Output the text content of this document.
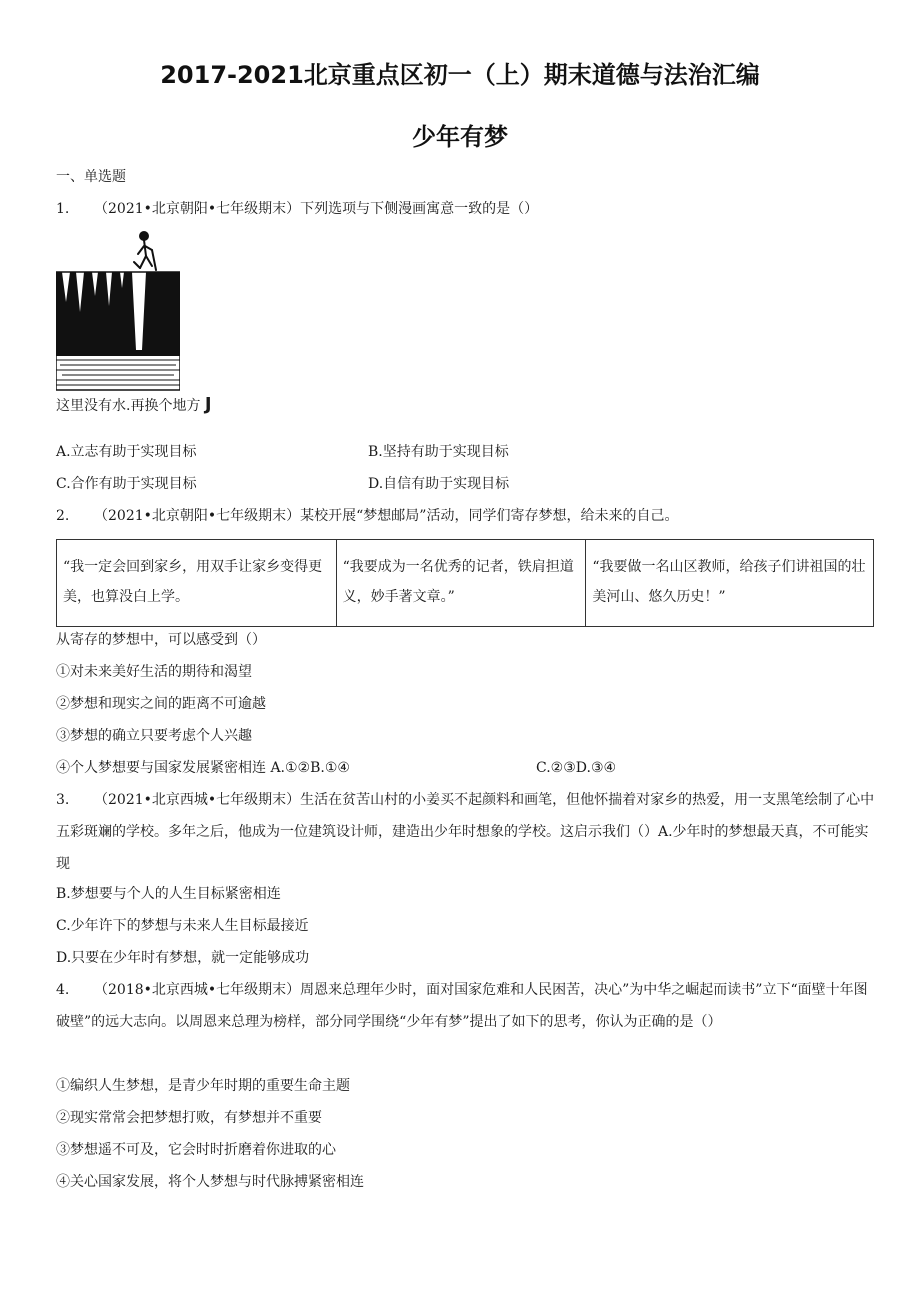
2017-2021北京重点区初一（上）期末道德与法治汇编
少年有梦
一、单选题
1. （2021•北京朝阳•七年级期末）下列选项与下侧漫画寓意一致的是（）
这里没有水.再换个地方 J
A.立志有助于实现目标	B.坚持有助于实现目标
C.合作有助于实现目标	D.自信有助于实现目标
2. （2021•北京朝阳•七年级期末）某校开展“梦想邮局”活动，同学们寄存梦想，给未来的自己。
“我一定会回到家乡，用双手让家乡变得更美，也算没白上学。	“我要成为一名优秀的记者，铁肩担道义，妙手著文章。”	“我要做一名山区教师，给孩子们讲祖国的壮美河山、悠久历史！”
从寄存的梦想中，可以感受到（）
①对未来美好生活的期待和渴望
②梦想和现实之间的距离不可逾越
③梦想的确立只要考虑个人兴趣
④个人梦想要与国家发展紧密相连 A.①②B.①④	C.②③D.③④
3. （2021•北京西城•七年级期末）生活在贫苦山村的小姜买不起颜料和画笔，但他怀揣着对家乡的热爱，用一支黑笔绘制了心中五彩斑斓的学校。多年之后，他成为一位建筑设计师，建造出少年时想象的学校。这启示我们（）A.少年时的梦想最天真，不可能实现
B.梦想要与个人的人生目标紧密相连
C.少年许下的梦想与未来人生目标最接近
D.只要在少年时有梦想，就一定能够成功
4. （2018•北京西城•七年级期末）周恩来总理年少时，面对国家危难和人民困苦，决心”为中华之崛起而读书”立下“面壁十年图破壁”的远大志向。以周恩来总理为榜样，部分同学围绕“少年有梦”提出了如下的思考，你认为正确的是（）
①编织人生梦想，是青少年时期的重要生命主题
②现实常常会把梦想打败，有梦想并不重要
③梦想遥不可及，它会时时折磨着你进取的心
④关心国家发展，将个人梦想与时代脉搏紧密相连
